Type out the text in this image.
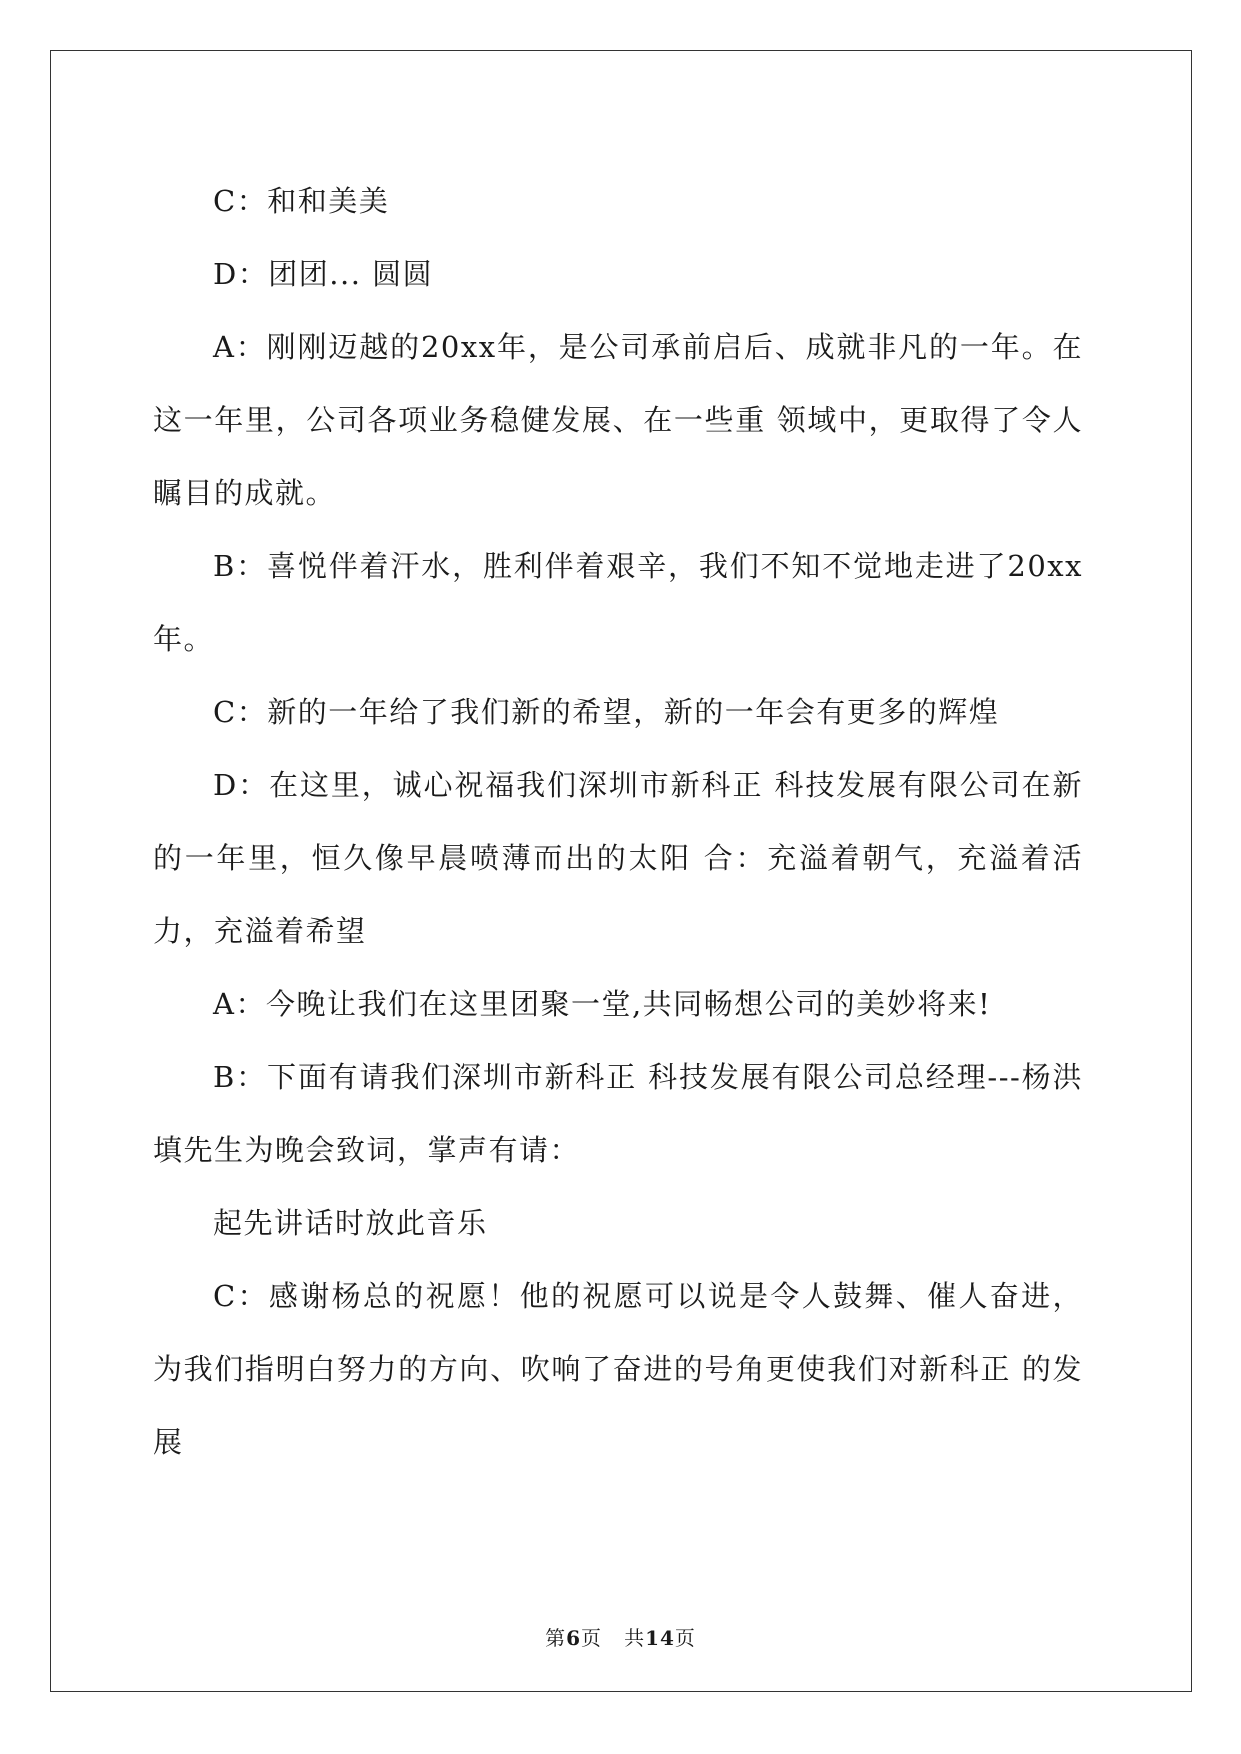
C：和和美美

D：团团... 圆圆

A：刚刚迈越的20xx年，是公司承前启后、成就非凡的一年。在这一年里，公司各项业务稳健发展、在一些重 领域中，更取得了令人瞩目的成就。

B：喜悦伴着汗水，胜利伴着艰辛，我们不知不觉地走进了20xx年。

C：新的一年给了我们新的希望，新的一年会有更多的辉煌

D：在这里，诚心祝福我们深圳市新科正 科技发展有限公司在新的一年里，恒久像早晨喷薄而出的太阳 合：充溢着朝气，充溢着活力，充溢着希望

A：今晚让我们在这里团聚一堂,共同畅想公司的美妙将来!

B：下面有请我们深圳市新科正 科技发展有限公司总经理---杨洪填先生为晚会致词，掌声有请：

起先讲话时放此音乐

C：感谢杨总的祝愿！他的祝愿可以说是令人鼓舞、催人奋进，为我们指明白努力的方向、吹响了奋进的号角更使我们对新科正 的发展

第6页 共14页
